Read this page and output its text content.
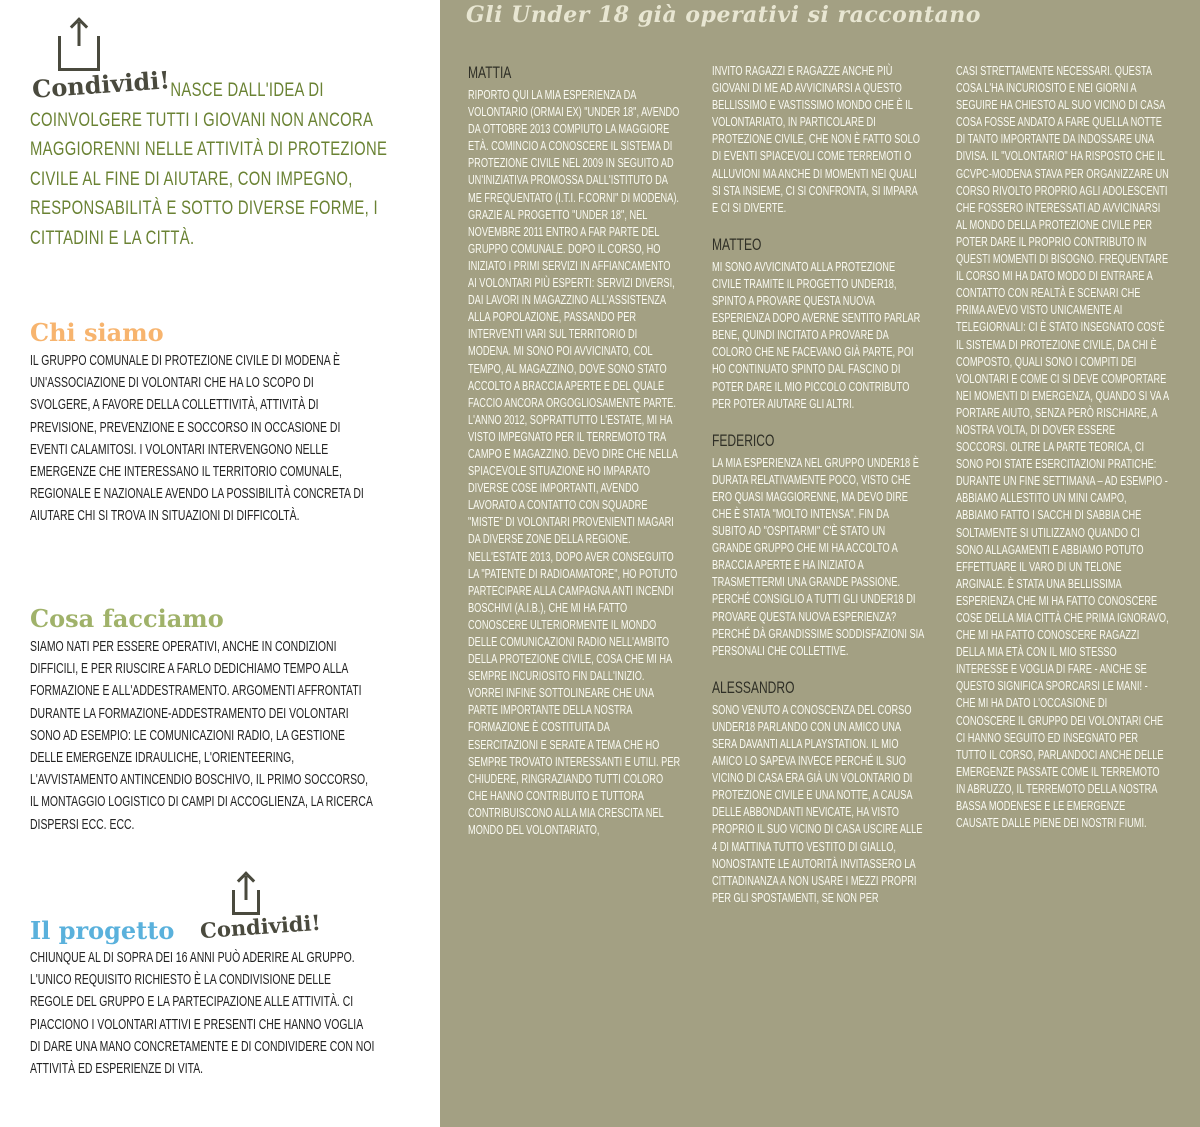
Condividi! NASCE DALL'IDEA DI COINVOLGERE TUTTI I GIOVANI NON ANCORA MAGGIORENNI NELLE ATTIVITÀ DI PROTEZIONE CIVILE AL FINE DI AIUTARE, CON IMPEGNO, RESPONSABILITÀ E SOTTO DIVERSE FORME, I CITTADINI E LA CITTÀ.
Chi siamo
IL GRUPPO COMUNALE DI PROTEZIONE CIVILE DI MODENA È UN'ASSOCIAZIONE DI VOLONTARI CHE HA LO SCOPO DI SVOLGERE, A FAVORE DELLA COLLETTIVITÀ, ATTIVITÀ DI PREVISIONE, PREVENZIONE E SOCCORSO IN OCCASIONE DI EVENTI CALAMITOSI. I VOLONTARI INTERVENGONO NELLE EMERGENZE CHE INTERESSANO IL TERRITORIO COMUNALE, REGIONALE E NAZIONALE AVENDO LA POSSIBILITÀ CONCRETA DI AIUTARE CHI SI TROVA IN SITUAZIONI DI DIFFICOLTÀ.
Cosa facciamo
SIAMO NATI PER ESSERE OPERATIVI, ANCHE IN CONDIZIONI DIFFICILI, E PER RIUSCIRE A FARLO DEDICHIAMO TEMPO ALLA FORMAZIONE E ALL'ADDESTRAMENTO. ARGOMENTI AFFRONTATI DURANTE LA FORMAZIONE-ADDESTRAMENTO DEI VOLONTARI SONO AD ESEMPIO: LE COMUNICAZIONI RADIO, LA GESTIONE DELLE EMERGENZE IDRAULICHE, L'ORIENTEERING, L'AVVISTAMENTO ANTINCENDIO BOSCHIVO, IL PRIMO SOCCORSO, IL MONTAGGIO LOGISTICO DI CAMPI DI ACCOGLIENZA, LA RICERCA DISPERSI ECC. ECC.
Il progetto Condividi!
CHIUNQUE AL DI SOPRA DEI 16 ANNI PUÒ ADERIRE AL GRUPPO. L'UNICO REQUISITO RICHIESTO È LA CONDIVISIONE DELLE REGOLE DEL GRUPPO E LA PARTECIPAZIONE ALLE ATTIVITÀ. CI PIACCIONO I VOLONTARI ATTIVI E PRESENTI CHE HANNO VOGLIA DI DARE UNA MANO CONCRETAMENTE E DI CONDIVIDERE CON NOI ATTIVITÀ ED ESPERIENZE DI VITA.
Gli Under 18 già operativi si raccontano
MATTIA

RIPORTO QUI LA MIA ESPERIENZA DA VOLONTARIO (ORMAI EX) "UNDER 18", AVENDO DA OTTOBRE 2013 COMPIUTO LA MAGGIORE ETÀ. COMINCIO A CONOSCERE IL SISTEMA DI PROTEZIONE CIVILE NEL 2009 IN SEGUITO AD UN'INIZIATIVA PROMOSSA DALL'ISTITUTO DA ME FREQUENTATO (I.T.I. F.CORNI" DI MODENA). GRAZIE AL PROGETTO "UNDER 18", NEL NOVEMBRE 2011 ENTRO A FAR PARTE DEL GRUPPO COMUNALE. DOPO IL CORSO, HO INIZIATO I PRIMI SERVIZI IN AFFIANCAMENTO AI VOLONTARI PIÙ ESPERTI: SERVIZI DIVERSI, DAI LAVORI IN MAGAZZINO ALL'ASSISTENZA ALLA POPOLAZIONE, PASSANDO PER INTERVENTI VARI SUL TERRITORIO DI MODENA. MI SONO POI AVVICINATO, COL TEMPO, AL MAGAZZINO, DOVE SONO STATO ACCOLTO A BRACCIA APERTE E DEL QUALE FACCIO ANCORA ORGOGLIOSAMENTE PARTE. L'ANNO 2012, SOPRATTUTTO L'ESTATE, MI HA VISTO IMPEGNATO PER IL TERREMOTO TRA CAMPO E MAGAZZINO. DEVO DIRE CHE NELLA SPIACEVOLE SITUAZIONE HO IMPARATO DIVERSE COSE IMPORTANTI, AVENDO LAVORATO A CONTATTO CON SQUADRE "MISTE" DI VOLONTARI PROVENIENTI MAGARI DA DIVERSE ZONE DELLA REGIONE. NELL'ESTATE 2013, DOPO AVER CONSEGUITO LA "PATENTE DI RADIOAMATORE", HO POTUTO PARTECIPARE ALLA CAMPAGNA ANTI INCENDI BOSCHIVI (A.I.B.), CHE MI HA FATTO CONOSCERE ULTERIORMENTE IL MONDO DELLE COMUNICAZIONI RADIO NELL'AMBITO DELLA PROTEZIONE CIVILE, COSA CHE MI HA SEMPRE INCURIOSITO FIN DALL'INIZIO. VORREI INFINE SOTTOLINEARE CHE UNA PARTE IMPORTANTE DELLA NOSTRA FORMAZIONE È COSTITUITA DA ESERCITAZIONI E SERATE A TEMA CHE HO SEMPRE TROVATO INTERESSANTI E UTILI. PER CHIUDERE, RINGRAZIANDO TUTTI COLORO CHE HANNO CONTRIBUITO E TUTTORA CONTRIBUISCONO ALLA MIA CRESCITA NEL MONDO DEL VOLONTARIATO,

INVITO RAGAZZI E RAGAZZE ANCHE PIÙ GIOVANI DI ME AD AVVICINARSI A QUESTO BELLISSIMO E VASTISSIMO MONDO CHE È IL VOLONTARIATO, IN PARTICOLARE DI PROTEZIONE CIVILE, CHE NON È FATTO SOLO DI EVENTI SPIACEVOLI COME TERREMOTI O ALLUVIONI MA ANCHE DI MOMENTI NEI QUALI SI STA INSIEME, CI SI CONFRONTA, SI IMPARA E CI SI DIVERTE.

MATTEO

MI SONO AVVICINATO ALLA PROTEZIONE CIVILE TRAMITE IL PROGETTO UNDER18, SPINTO A PROVARE QUESTA NUOVA ESPERIENZA DOPO AVERNE SENTITO PARLAR BENE, QUINDI INCITATO A PROVARE DA COLORO CHE NE FACEVANO GIÀ PARTE, POI HO CONTINUATO SPINTO DAL FASCINO DI POTER DARE IL MIO PICCOLO CONTRIBUTO PER POTER AIUTARE GLI ALTRI.

FEDERICO

LA MIA ESPERIENZA NEL GRUPPO UNDER18 È DURATA RELATIVAMENTE POCO, VISTO CHE ERO QUASI MAGGIORENNE, MA DEVO DIRE CHE È STATA "MOLTO INTENSA". FIN DA SUBITO AD "OSPITARMI" C'È STATO UN GRANDE GRUPPO CHE MI HA ACCOLTO A BRACCIA APERTE E HA INIZIATO A TRASMETTERMI UNA GRANDE PASSIONE. PERCHÉ CONSIGLIO A TUTTI GLI UNDER18 DI PROVARE QUESTA NUOVA ESPERIENZA? PERCHÉ DÀ GRANDISSIME SODDISFAZIONI SIA PERSONALI CHE COLLETTIVE.

ALESSANDRO

SONO VENUTO A CONOSCENZA DEL CORSO UNDER18 PARLANDO CON UN AMICO UNA SERA DAVANTI ALLA PLAYSTATION. IL MIO AMICO LO SAPEVA INVECE PERCHÉ IL SUO VICINO DI CASA ERA GIÀ UN VOLONTARIO DI PROTEZIONE CIVILE E UNA NOTTE, A CAUSA DELLE ABBONDANTI NEVICATE, HA VISTO PROPRIO IL SUO VICINO DI CASA USCIRE ALLE 4 DI MATTINA TUTTO VESTITO DI GIALLO, NONOSTANTE LE AUTORITÀ INVITASSERO LA CITTADINANZA A NON USARE I MEZZI PROPRI PER GLI SPOSTAMENTI, SE NON PER

CASI STRETTAMENTE NECESSARI. QUESTA COSA L'HA INCURIOSITO E NEI GIORNI A SEGUIRE HA CHIESTO AL SUO VICINO DI CASA COSA FOSSE ANDATO A FARE QUELLA NOTTE DI TANTO IMPORTANTE DA INDOSSARE UNA DIVISA. IL "VOLONTARIO" HA RISPOSTO CHE IL GCVPC-MODENA STAVA PER ORGANIZZARE UN CORSO RIVOLTO PROPRIO AGLI ADOLESCENTI CHE FOSSERO INTERESSATI AD AVVICINARSI AL MONDO DELLA PROTEZIONE CIVILE PER POTER DARE IL PROPRIO CONTRIBUTO IN QUESTI MOMENTI DI BISOGNO. FREQUENTARE IL CORSO MI HA DATO MODO DI ENTRARE A CONTATTO CON REALTÀ E SCENARI CHE PRIMA AVEVO VISTO UNICAMENTE AI TELEGIORNALI: CI È STATO INSEGNATO COS'È IL SISTEMA DI PROTEZIONE CIVILE, DA CHI È COMPOSTO, QUALI SONO I COMPITI DEI VOLONTARI E COME CI SI DEVE COMPORTARE NEI MOMENTI DI EMERGENZA, QUANDO SI VA A PORTARE AIUTO, SENZA PERÒ RISCHIARE, A NOSTRA VOLTA, DI DOVER ESSERE SOCCORSI. OLTRE LA PARTE TEORICA, CI SONO POI STATE ESERCITAZIONI PRATICHE: DURANTE UN FINE SETTIMANA – AD ESEMPIO - ABBIAMO ALLESTITO UN MINI CAMPO, ABBIAMO FATTO I SACCHI DI SABBIA CHE SOLTAMENTE SI UTILIZZANO QUANDO CI SONO ALLAGAMENTI E ABBIAMO POTUTO EFFETTUARE IL VARO DI UN TELONE ARGINALE. È STATA UNA BELLISSIMA ESPERIENZA CHE MI HA FATTO CONOSCERE COSE DELLA MIA CITTÀ CHE PRIMA IGNORAVO, CHE MI HA FATTO CONOSCERE RAGAZZI DELLA MIA ETÀ CON IL MIO STESSO INTERESSE E VOGLIA DI FARE - ANCHE SE QUESTO SIGNIFICA SPORCARSI LE MANI! - CHE MI HA DATO L'OCCASIONE DI CONOSCERE IL GRUPPO DEI VOLONTARI CHE CI HANNO SEGUITO ED INSEGNATO PER TUTTO IL CORSO, PARLANDOCI ANCHE DELLE EMERGENZE PASSATE COME IL TERREMOTO IN ABRUZZO, IL TERREMOTO DELLA NOSTRA BASSA MODENESE E LE EMERGENZE CAUSATE DALLE PIENE DEI NOSTRI FIUMI.
